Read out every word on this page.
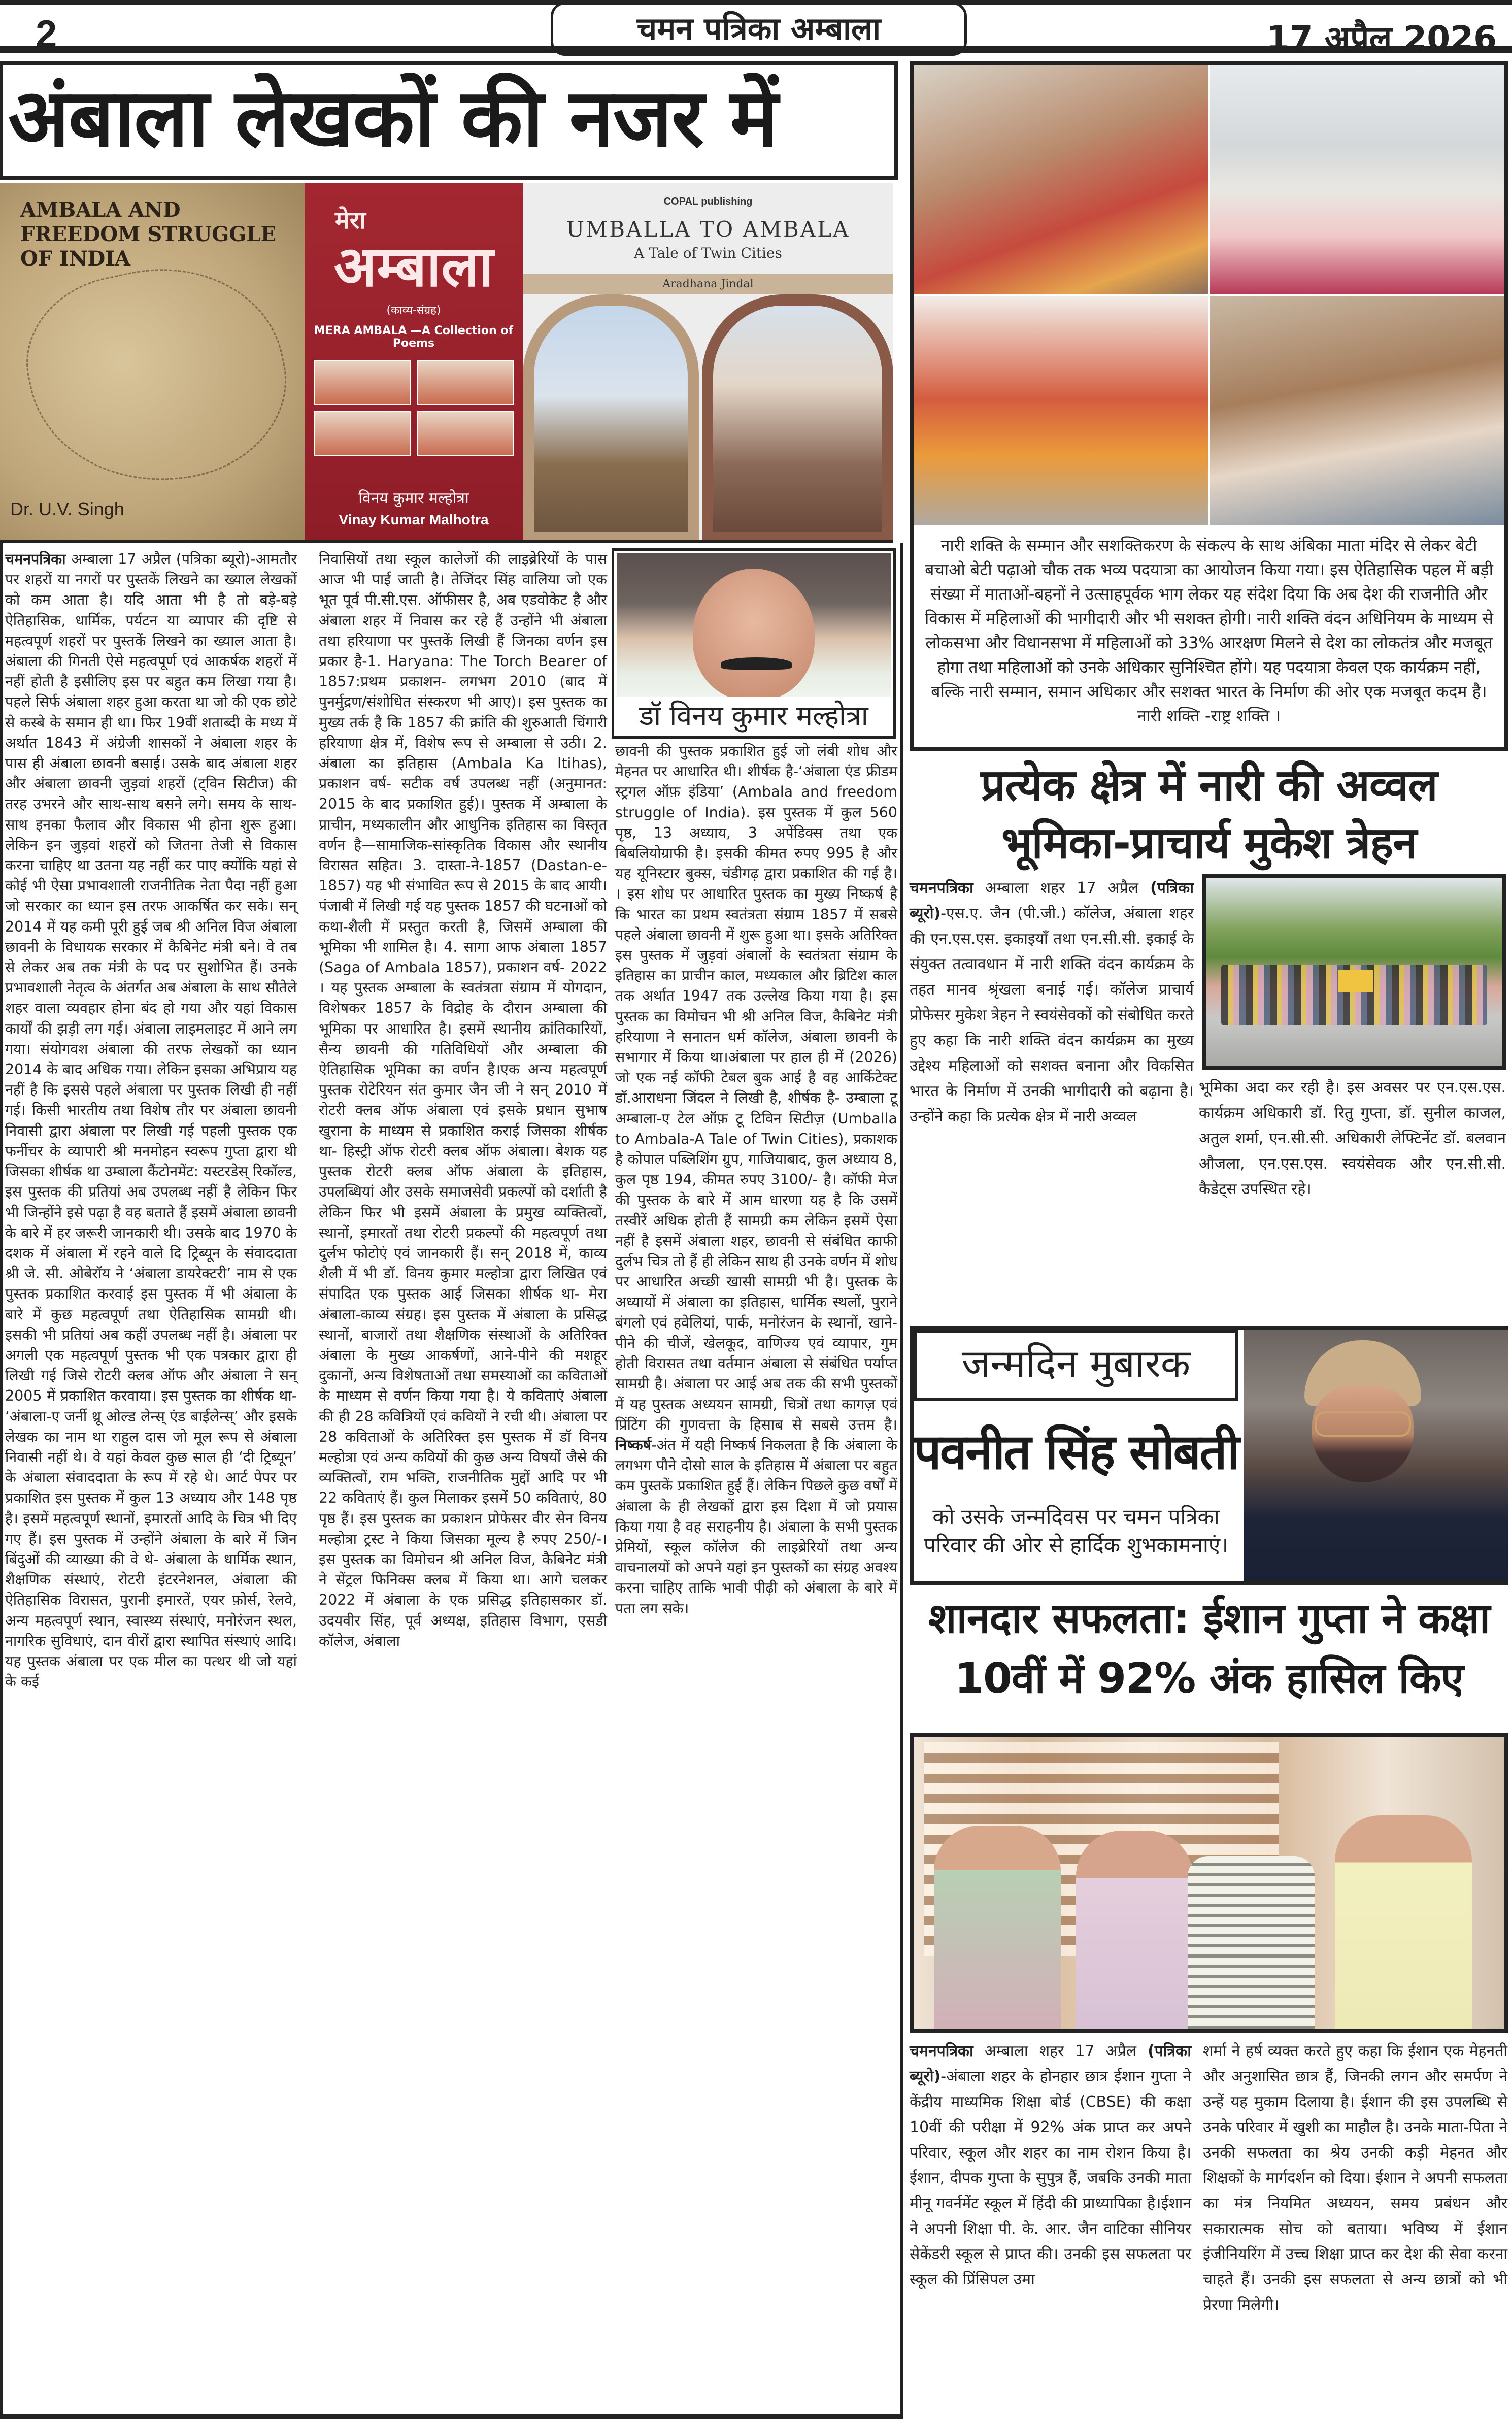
2	चमन पत्रिका अम्बाला	17 अप्रैल 2026
अंबाला लेखकों की नजर में
AMBALA AND FREEDOM STRUGGLE OF INDIA
Dr. U.V. Singh
मेरा
अम्बाला
(काव्य-संग्रह)
MERA AMBALA —A Collection of Poems
विनय कुमार मल्होत्रा
Vinay Kumar Malhotra
COPAL publishing
UMBALLA TO AMBALA
A Tale of Twin Cities
Aradhana Jindal
डॉ विनय कुमार मल्होत्रा
चमनपत्रिका अम्बाला 17 अप्रैल (पत्रिका ब्यूरो)-आमतौर पर शहरों या नगरों पर पुस्तकें लिखने का ख्याल लेखकों को कम आता है। यदि आता भी है तो बड़े-बड़े ऐतिहासिक, धार्मिक, पर्यटन या व्यापार की दृष्टि से महत्वपूर्ण शहरों पर पुस्तकें लिखने का ख्याल आता है। अंबाला की गिनती ऐसे महत्वपूर्ण एवं आकर्षक शहरों में नहीं होती है इसीलिए इस पर बहुत कम लिखा गया है। पहले सिर्फ अंबाला शहर हुआ करता था जो की एक छोटे से कस्बे के समान ही था। फिर 19वीं शताब्दी के मध्य में अर्थात 1843 में अंग्रेजी शासकों ने अंबाला शहर के पास ही अंबाला छावनी बसाई। उसके बाद अंबाला शहर और अंबाला छावनी जुड़वां शहरों (ट्विन सिटीज) की तरह उभरने और साथ-साथ बसने लगे। समय के साथ-साथ इनका फैलाव और विकास भी होना शुरू हुआ। लेकिन इन जुड़वां शहरों को जितना तेजी से विकास करना चाहिए था उतना यह नहीं कर पाए क्योंकि यहां से कोई भी ऐसा प्रभावशाली राजनीतिक नेता पैदा नहीं हुआ जो सरकार का ध्यान इस तरफ आकर्षित कर सके। सन् 2014 में यह कमी पूरी हुई जब श्री अनिल विज अंबाला छावनी के विधायक सरकार में कैबिनेट मंत्री बने। वे तब से लेकर अब तक मंत्री के पद पर सुशोभित हैं। उनके प्रभावशाली नेतृत्व के अंतर्गत अब अंबाला के साथ सौतेले शहर वाला व्यवहार होना बंद हो गया और यहां विकास कार्यों की झड़ी लग गई। अंबाला लाइमलाइट में आने लग गया। संयोगवश अंबाला की तरफ लेखकों का ध्यान 2014 के बाद अधिक गया। लेकिन इसका अभिप्राय यह नहीं है कि इससे पहले अंबाला पर पुस्तक लिखी ही नहीं गई। किसी भारतीय तथा विशेष तौर पर अंबाला छावनी निवासी द्वारा अंबाला पर लिखी गई पहली पुस्तक एक फर्नीचर के व्यापारी श्री मनमोहन स्वरूप गुप्ता द्वारा थी जिसका शीर्षक था उम्बाला कैंटोनमेंट: यस्टरडेस् रिकॉल्ड, इस पुस्तक की प्रतियां अब उपलब्ध नहीं है लेकिन फिर भी जिन्होंने इसे पढ़ा है वह बताते हैं इसमें अंबाला छावनी के बारे में हर जरूरी जानकारी थी। उसके बाद 1970 के दशक में अंबाला में रहने वाले दि ट्रिब्यून के संवाददाता श्री जे. सी. ओबेरॉय ने ‘अंबाला डायरेक्टरी’ नाम से एक पुस्तक प्रकाशित करवाई इस पुस्तक में भी अंबाला के बारे में कुछ महत्वपूर्ण तथा ऐतिहासिक सामग्री थी। इसकी भी प्रतियां अब कहीं उपलब्ध नहीं है। अंबाला पर अगली एक महत्वपूर्ण पुस्तक भी एक पत्रकार द्वारा ही लिखी गई जिसे रोटरी क्लब ऑफ और अंबाला ने सन् 2005 में प्रकाशित करवाया। इस पुस्तक का शीर्षक था- ‘अंबाला-ए जर्नी थ्रू ओल्ड लेन्स् एंड बाईलेन्स्’ और इसके लेखक का नाम था राहुल दास जो मूल रूप से अंबाला निवासी नहीं थे। वे यहां केवल कुछ साल ही ‘दी ट्रिब्यून’ के अंबाला संवाददाता के रूप में रहे थे। आर्ट पेपर पर प्रकाशित इस पुस्तक में कुल 13 अध्याय और 148 पृष्ठ है। इसमें महत्वपूर्ण स्थानों, इमारतों आदि के चित्र भी दिए गए हैं। इस पुस्तक में उन्होंने अंबाला के बारे में जिन बिंदुओं की व्याख्या की वे थे- अंबाला के धार्मिक स्थान, शैक्षणिक संस्थाएं, रोटरी इंटरनेशनल, अंबाला की ऐतिहासिक विरासत, पुरानी इमारतें, एयर फ़ोर्स, रेलवे, अन्य महत्वपूर्ण स्थान, स्वास्थ्य संस्थाएं, मनोरंजन स्थल, नागरिक सुविधाएं, दान वीरों द्वारा स्थापित संस्थाएं आदि। यह पुस्तक अंबाला पर एक मील का पत्थर थी जो यहां के कई
निवासियों तथा स्कूल कालेजों की लाइब्रेरियों के पास आज भी पाई जाती है। तेजिंदर सिंह वालिया जो एक भूत पूर्व पी.सी.एस. ऑफीसर है, अब एडवोकेट है और अंबाला शहर में निवास कर रहे हैं उन्होंने भी अंबाला तथा हरियाणा पर पुस्तकें लिखी हैं जिनका वर्णन इस प्रकार है-1. Haryana: The Torch Bearer of 1857:प्रथम प्रकाशन- लगभग 2010 (बाद में पुनर्मुद्रण/संशोधित संस्करण भी आए)। इस पुस्तक का मुख्य तर्क है कि 1857 की क्रांति की शुरुआती चिंगारी हरियाणा क्षेत्र में, विशेष रूप से अम्बाला से उठी। 2. अंबाला का इतिहास (Ambala Ka Itihas), प्रकाशन वर्ष- सटीक वर्ष उपलब्ध नहीं (अनुमानत: 2015 के बाद प्रकाशित हुई)। पुस्तक में अम्बाला के प्राचीन, मध्यकालीन और आधुनिक इतिहास का विस्तृत वर्णन है—सामाजिक-सांस्कृतिक विकास और स्थानीय विरासत सहित। 3. दास्ता-ने-1857 (Dastan-e-1857) यह भी संभावित रूप से 2015 के बाद आयी। पंजाबी में लिखी गई यह पुस्तक 1857 की घटनाओं को कथा-शैली में प्रस्तुत करती है, जिसमें अम्बाला की भूमिका भी शामिल है। 4. सागा आफ अंबाला 1857 (Saga of Ambala 1857), प्रकाशन वर्ष- 2022 । यह पुस्तक अम्बाला के स्वतंत्रता संग्राम में योगदान, विशेषकर 1857 के विद्रोह के दौरान अम्बाला की भूमिका पर आधारित है। इसमें स्थानीय क्रांतिकारियों, सैन्य छावनी की गतिविधियों और अम्बाला की ऐतिहासिक भूमिका का वर्णन है।एक अन्य महत्वपूर्ण पुस्तक रोटेरियन संत कुमार जैन जी ने सन् 2010 में रोटरी क्लब ऑफ अंबाला एवं इसके प्रधान सुभाष खुराना के माध्यम से प्रकाशित कराई जिसका शीर्षक था- हिस्ट्री ऑफ रोटरी क्लब ऑफ अंबाला। बेशक यह पुस्तक रोटरी क्लब ऑफ अंबाला के इतिहास, उपलब्धियां और उसके समाजसेवी प्रकल्पों को दर्शाती है लेकिन फिर भी इसमें अंबाला के प्रमुख व्यक्तित्वों, स्थानों, इमारतों तथा रोटरी प्रकल्पों की महत्वपूर्ण तथा दुर्लभ फोटोएं एवं जानकारी हैं। सन् 2018 में, काव्य शैली में भी डॉ. विनय कुमार मल्होत्रा द्वारा लिखित एवं संपादित एक पुस्तक आई जिसका शीर्षक था- मेरा अंबाला-काव्य संग्रह। इस पुस्तक में अंबाला के प्रसिद्ध स्थानों, बाजारों तथा शैक्षणिक संस्थाओं के अतिरिक्त अंबाला के मुख्य आकर्षणों, आने-पीने की मशहूर दुकानों, अन्य विशेषताओं तथा समस्याओं का कविताओं के माध्यम से वर्णन किया गया है। ये कविताएं अंबाला की ही 28 कवित्रियों एवं कवियों ने रची थी। अंबाला पर 28 कविताओं के अतिरिक्त इस पुस्तक में डॉ विनय मल्होत्रा एवं अन्य कवियों की कुछ अन्य विषयों जैसे की व्यक्तित्वों, राम भक्ति, राजनीतिक मुद्दों आदि पर भी 22 कविताएं हैं। कुल मिलाकर इसमें 50 कविताएं, 80 पृष्ठ हैं। इस पुस्तक का प्रकाशन प्रोफेसर वीर सेन विनय मल्होत्रा ट्रस्ट ने किया जिसका मूल्य है रुपए 250/-। इस पुस्तक का विमोचन श्री अनिल विज, कैबिनेट मंत्री ने सेंट्रल फिनिक्स क्लब में किया था। आगे चलकर 2022 में अंबाला के एक प्रसिद्ध इतिहासकार डॉ. उदयवीर सिंह, पूर्व अध्यक्ष, इतिहास विभाग, एसडी कॉलेज, अंबाला
छावनी की पुस्तक प्रकाशित हुई जो लंबी शोध और मेहनत पर आधारित थी। शीर्षक है-‘अंबाला एंड फ्रीडम स्ट्रगल ऑफ़ इंडिया’ (Ambala and freedom struggle of India). इस पुस्तक में कुल 560 पृष्ठ, 13 अध्याय, 3 अपेंडिक्स तथा एक बिबलियोग्राफी है। इसकी कीमत रुपए 995 है और यह यूनिस्टार बुक्स, चंडीगढ़ द्वारा प्रकाशित की गई है। । इस शोध पर आधारित पुस्तक का मुख्य निष्कर्ष है कि भारत का प्रथम स्वतंत्रता संग्राम 1857 में सबसे पहले अंबाला छावनी में शुरू हुआ था। इसके अतिरिक्त इस पुस्तक में जुड़वां अंबालों के स्वतंत्रता संग्राम के इतिहास का प्राचीन काल, मध्यकाल और ब्रिटिश काल तक अर्थात 1947 तक उल्लेख किया गया है। इस पुस्तक का विमोचन भी श्री अनिल विज, कैबिनेट मंत्री हरियाणा ने सनातन धर्म कॉलेज, अंबाला छावनी के सभागार में किया था।अंबाला पर हाल ही में (2026) जो एक नई कॉफी टेबल बुक आई है वह आर्किटेक्ट डॉ.आराधना जिंदल ने लिखी है, शीर्षक है- उम्बाला टू अम्बाला-ए टेल ऑफ़ टू टिविन सिटीज़ (Umballa to Ambala-A Tale of Twin Cities), प्रकाशक है कोपाल पब्लिशिंग ग्रुप, गाजियाबाद, कुल अध्याय 8, कुल पृष्ठ 194, कीमत रुपए 3100/- है। कॉफी मेज की पुस्तक के बारे में आम धारणा यह है कि उसमें तस्वीरें अधिक होती हैं सामग्री कम लेकिन इसमें ऐसा नहीं है इसमें अंबाला शहर, छावनी से संबंधित काफी दुर्लभ चित्र तो हैं ही लेकिन साथ ही उनके वर्णन में शोध पर आधारित अच्छी खासी सामग्री भी है। पुस्तक के अध्यायों में अंबाला का इतिहास, धार्मिक स्थलों, पुराने बंगलो एवं हवेलियां, पार्क, मनोरंजन के स्थानों, खाने-पीने की चीजें, खेलकूद, वाणिज्य एवं व्यापार, गुम होती विरासत तथा वर्तमान अंबाला से संबंधित पर्याप्त सामग्री है। अंबाला पर आई अब तक की सभी पुस्तकों में यह पुस्तक अध्ययन सामग्री, चित्रों तथा कागज़ एवं प्रिंटिंग की गुणवत्ता के हिसाब से सबसे उत्तम है। निष्कर्ष-अंत में यही निष्कर्ष निकलता है कि अंबाला के लगभग पौने दोसो साल के इतिहास में अंबाला पर बहुत कम पुस्तकें प्रकाशित हुई हैं। लेकिन पिछले कुछ वर्षों में अंबाला के ही लेखकों द्वारा इस दिशा में जो प्रयास किया गया है वह सराहनीय है। अंबाला के सभी पुस्तक प्रेमियों, स्कूल कॉलेज की लाइब्रेरियों तथा अन्य वाचनालयों को अपने यहां इन पुस्तकों का संग्रह अवश्य करना चाहिए ताकि भावी पीढ़ी को अंबाला के बारे में पता लग सके।
नारी शक्ति के सम्मान और सशक्तिकरण के संकल्प के साथ अंबिका माता मंदिर से लेकर बेटी बचाओ बेटी पढ़ाओ चौक तक भव्य पदयात्रा का आयोजन किया गया। इस ऐतिहासिक पहल में बड़ी संख्या में माताओं-बहनों ने उत्साहपूर्वक भाग लेकर यह संदेश दिया कि अब देश की राजनीति और विकास में महिलाओं की भागीदारी और भी सशक्त होगी। नारी शक्ति वंदन अधिनियम के माध्यम से लोकसभा और विधानसभा में महिलाओं को 33% आरक्षण मिलने से देश का लोकतंत्र और मजबूत होगा तथा महिलाओं को उनके अधिकार सुनिश्चित होंगे। यह पदयात्रा केवल एक कार्यक्रम नहीं, बल्कि नारी सम्मान, समान अधिकार और सशक्त भारत के निर्माण की ओर एक मजबूत कदम है। नारी शक्ति -राष्ट्र शक्ति ।
प्रत्येक क्षेत्र में नारी की अव्वल भूमिका-प्राचार्य मुकेश त्रेहन
चमनपत्रिका अम्बाला शहर 17 अप्रैल (पत्रिका ब्यूरो)-एस.ए. जैन (पी.जी.) कॉलेज, अंबाला शहर की एन.एस.एस. इकाइयाँ तथा एन.सी.सी. इकाई के संयुक्त तत्वावधान में नारी शक्ति वंदन कार्यक्रम के तहत मानव श्रृंखला बनाई गई। कॉलेज प्राचार्य प्रोफेसर मुकेश त्रेहन ने स्वयंसेवकों को संबोधित करते हुए कहा कि नारी शक्ति वंदन कार्यक्रम का मुख्य उद्देश्य महिलाओं को सशक्त बनाना और विकसित भारत के निर्माण में उनकी भागीदारी को बढ़ाना है। उन्होंने कहा कि प्रत्येक क्षेत्र में नारी अव्वल
भूमिका अदा कर रही है। इस अवसर पर एन.एस.एस. कार्यक्रम अधिकारी डॉ. रितु गुप्ता, डॉ. सुनील काजल, अतुल शर्मा, एन.सी.सी. अधिकारी लेफ्टिनेंट डॉ. बलवान औजला, एन.एस.एस. स्वयंसेवक और एन.सी.सी. कैडेट्स उपस्थित रहे।
जन्मदिन मुबारक
पवनीत सिंह सोबती
को उसके जन्मदिवस पर चमन पत्रिका परिवार की ओर से हार्दिक शुभकामनाएं।
शानदार सफलता: ईशान गुप्ता ने कक्षा 10वीं में 92% अंक हासिल किए
चमनपत्रिका अम्बाला शहर 17 अप्रैल (पत्रिका ब्यूरो)-अंबाला शहर के होनहार छात्र ईशान गुप्ता ने केंद्रीय माध्यमिक शिक्षा बोर्ड (CBSE) की कक्षा 10वीं की परीक्षा में 92% अंक प्राप्त कर अपने परिवार, स्कूल और शहर का नाम रोशन किया है। ईशान, दीपक गुप्ता के सुपुत्र हैं, जबकि उनकी माता मीनू गवर्नमेंट स्कूल में हिंदी की प्राध्यापिका है।ईशान ने अपनी शिक्षा पी. के. आर. जैन वाटिका सीनियर सेकेंडरी स्कूल से प्राप्त की। उनकी इस सफलता पर स्कूल की प्रिंसिपल उमा
शर्मा ने हर्ष व्यक्त करते हुए कहा कि ईशान एक मेहनती और अनुशासित छात्र हैं, जिनकी लगन और समर्पण ने उन्हें यह मुकाम दिलाया है। ईशान की इस उपलब्धि से उनके परिवार में खुशी का माहौल है। उनके माता-पिता ने उनकी सफलता का श्रेय उनकी कड़ी मेहनत और शिक्षकों के मार्गदर्शन को दिया। ईशान ने अपनी सफलता का मंत्र नियमित अध्ययन, समय प्रबंधन और सकारात्मक सोच को बताया। भविष्य में ईशान इंजीनियरिंग में उच्च शिक्षा प्राप्त कर देश की सेवा करना चाहते हैं। उनकी इस सफलता से अन्य छात्रों को भी प्रेरणा मिलेगी।
